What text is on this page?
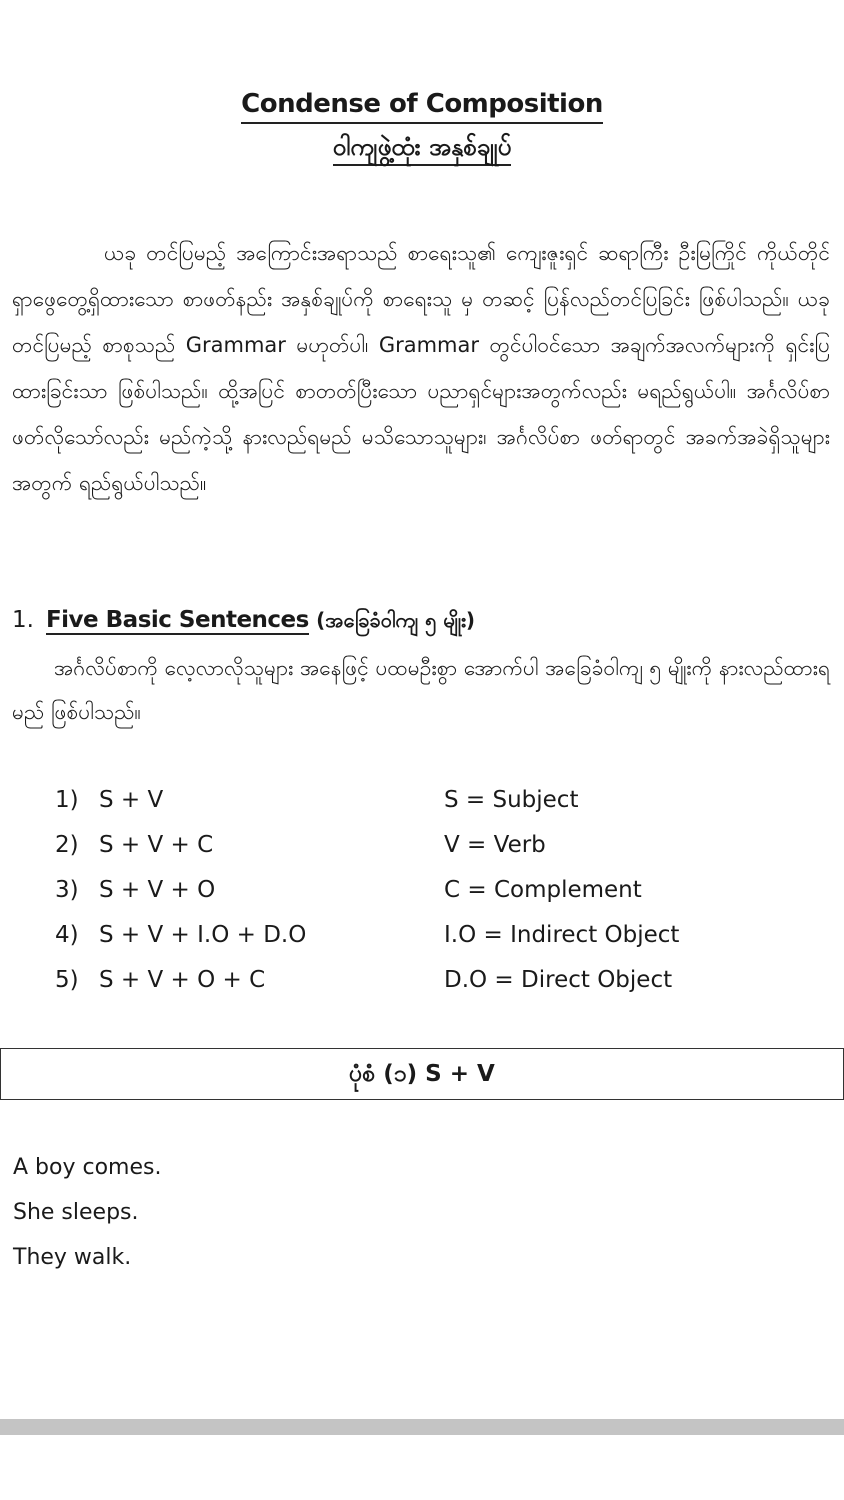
Condense of Composition
ဝါကျဖွဲ့ထုံး အနှစ်ချုပ်

ယခု တင်ပြမည့် အကြောင်းအရာသည် စာရေးသူ၏ ကျေးဇူးရှင် ဆရာကြီး ဦးမြကြိုင် ကိုယ်တိုင် ရှာဖွေတွေ့ရှိထားသော စာဖတ်နည်း အနှစ်ချုပ်ကို စာရေးသူ မှ တဆင့် ပြန်လည်တင်ပြခြင်း ဖြစ်ပါသည်။ ယခု တင်ပြမည့် စာစုသည် Grammar မဟုတ်ပါ၊ Grammar တွင်ပါဝင်သော အချက်အလက်များကို ရှင်းပြထားခြင်းသာ ဖြစ်ပါသည်။ ထို့အပြင် စာတတ်ပြီးသော ပညာရှင်များအတွက်လည်း မရည်ရွယ်ပါ။ အင်္ဂလိပ်စာ ဖတ်လိုသော်လည်း မည်ကဲ့သို့ နားလည်ရမည် မသိသောသူများ၊ အင်္ဂလိပ်စာ ဖတ်ရာတွင် အခက်အခဲရှိသူများ အတွက် ရည်ရွယ်ပါသည်။

1. Five Basic Sentences (အခြေခံဝါကျ ၅ မျိုး)

အင်္ဂလိပ်စာကို လေ့လာလိုသူများ အနေဖြင့် ပထမဦးစွာ အောက်ပါ အခြေခံဝါကျ ၅ မျိုးကို နားလည်ထားရမည် ဖြစ်ပါသည်။

1) S + V	S = Subject
2) S + V + C	V = Verb
3) S + V + O	C = Complement
4) S + V + I.O + D.O	I.O = Indirect Object
5) S + V + O + C	D.O = Direct Object
ပုံစံ (၁) S + V
A boy comes.
She sleeps.
They walk.
